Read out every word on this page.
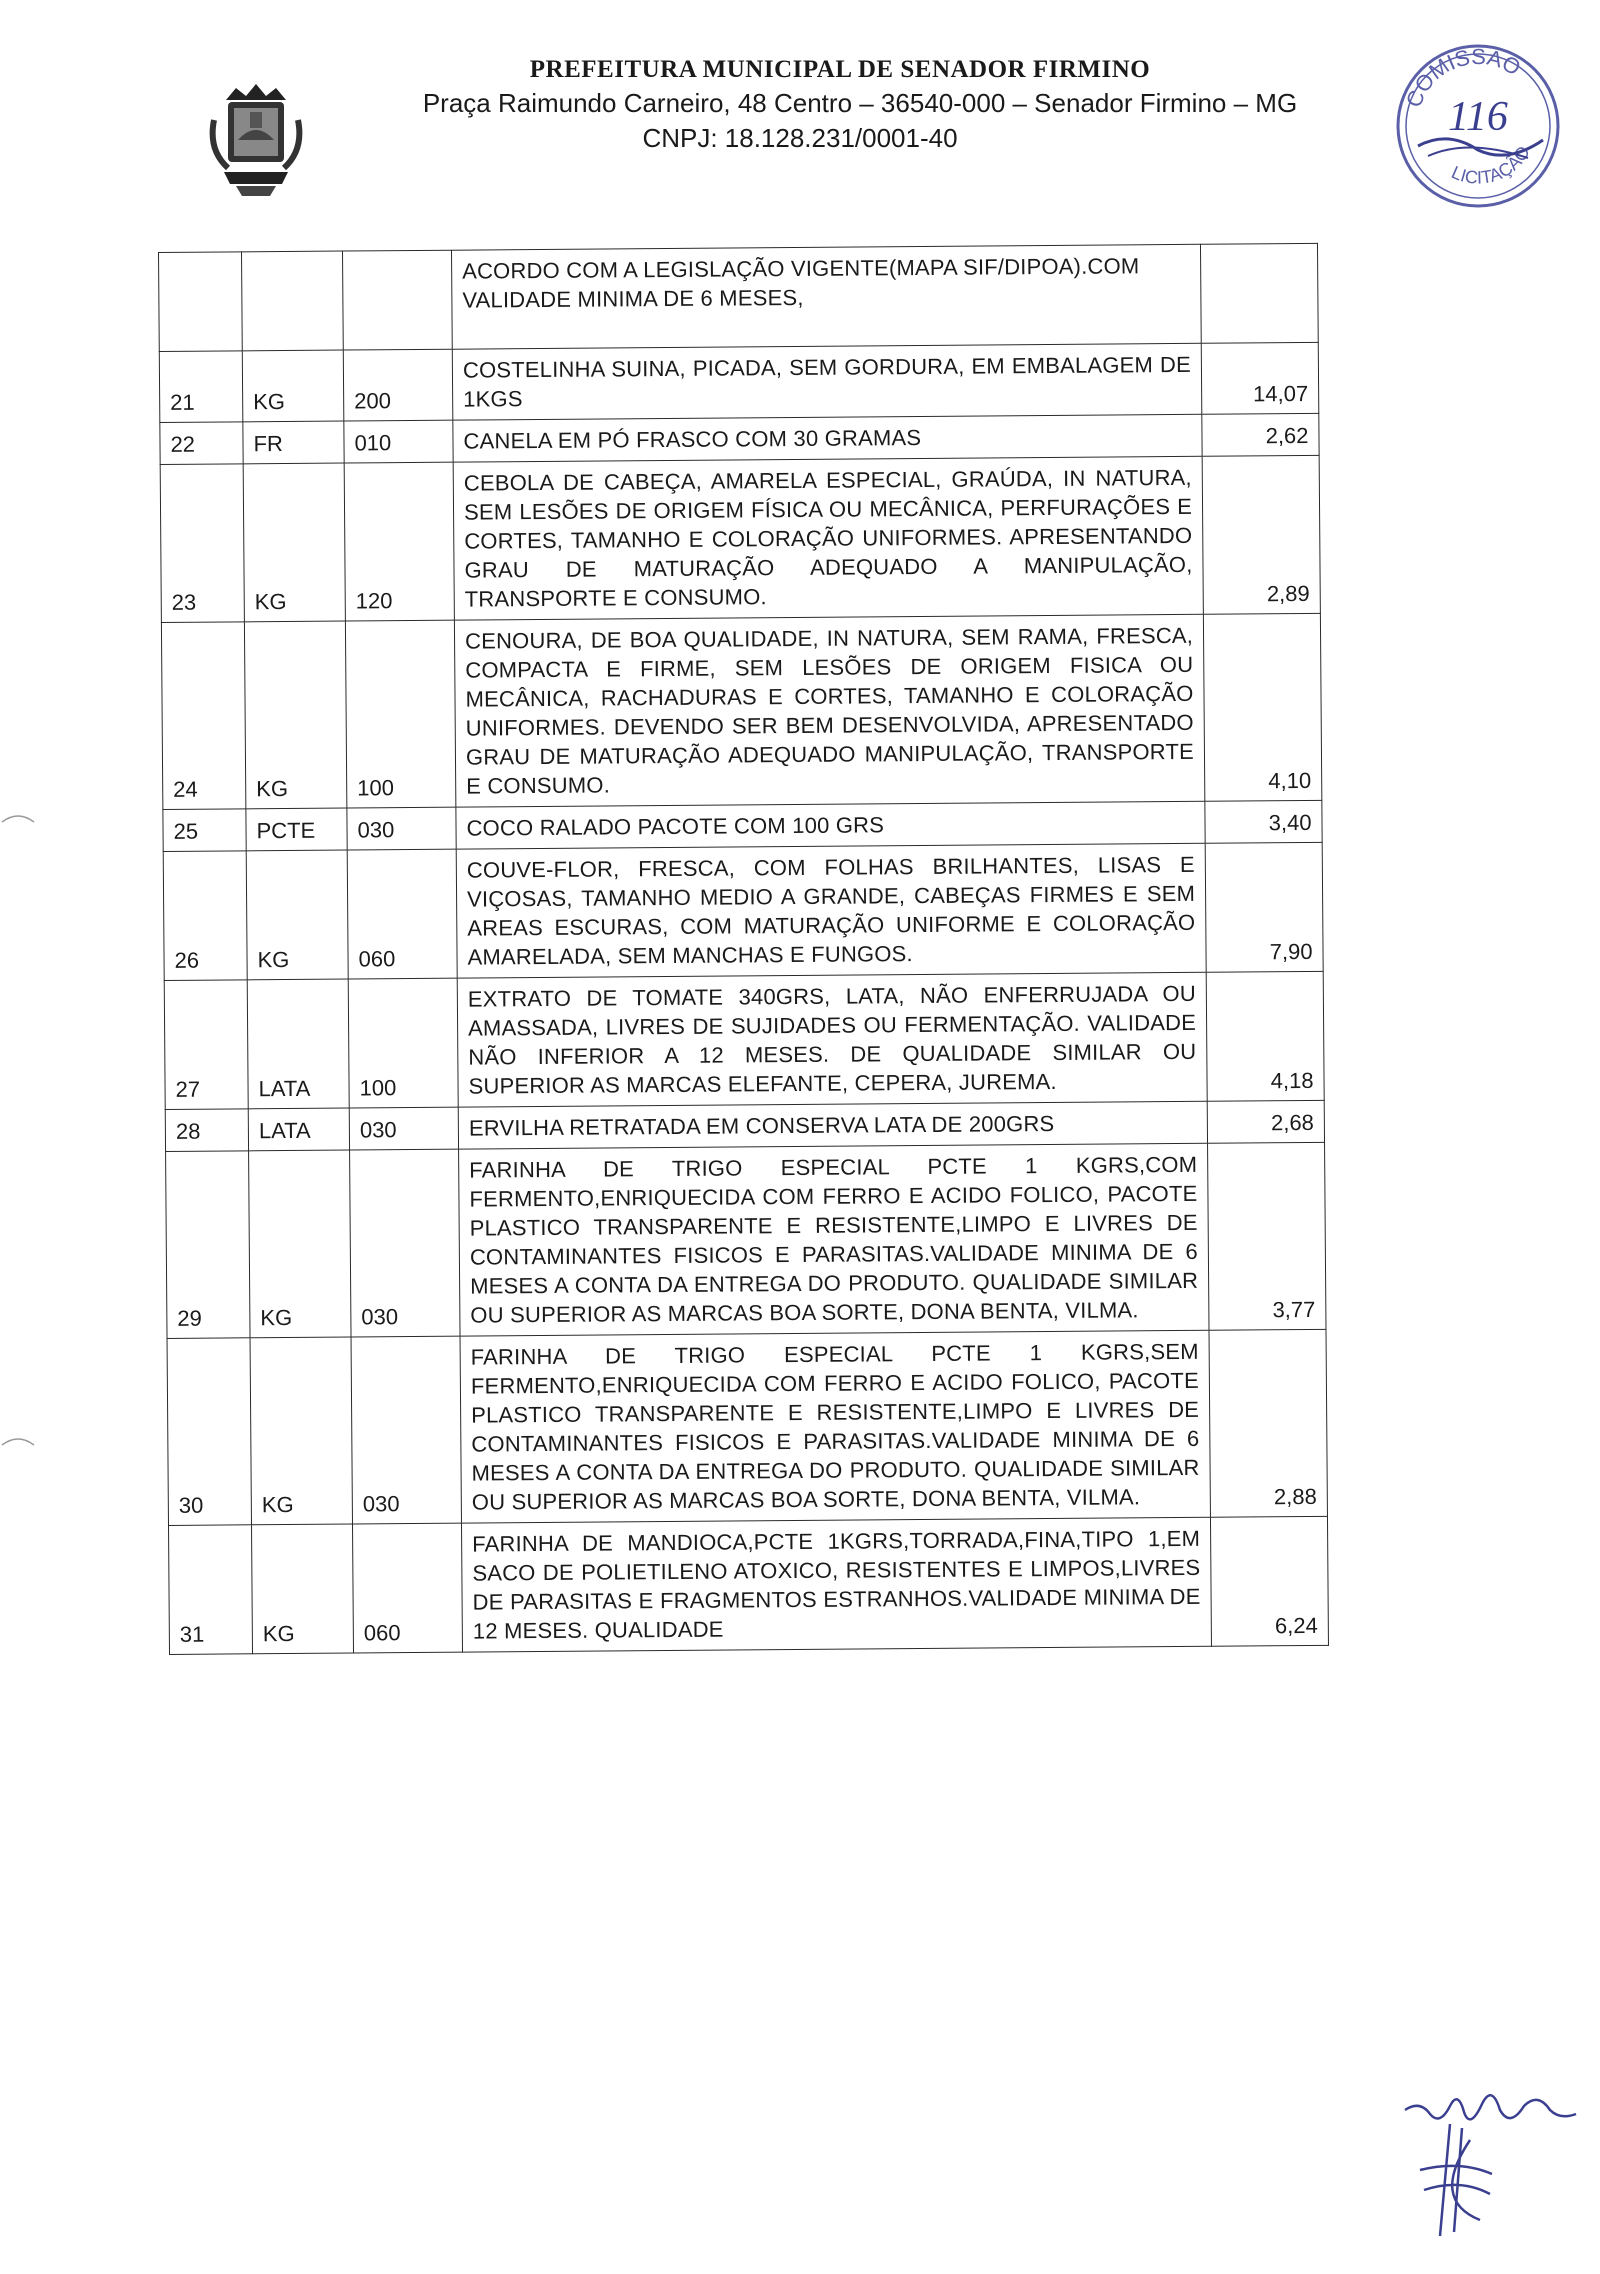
PREFEITURA MUNICIPAL DE SENADOR FIRMINO
Praça Raimundo Carneiro, 48 Centro – 36540-000 – Senador Firmino – MG
CNPJ: 18.128.231/0001-40
COMISSÃO
LICITAÇÃO
116

			ACORDO COM A LEGISLAÇÃO VIGENTE(MAPA SIF/DIPOA).COM
VALIDADE MINIMA DE 6 MESES,	

21	KG	200	COSTELINHA SUINA, PICADA, SEM GORDURA, EM EMBALAGEM DE 1KGS	14,07
22	FR	010	CANELA EM PÓ FRASCO COM 30 GRAMAS	2,62
23	KG	120	CEBOLA DE CABEÇA, AMARELA ESPECIAL, GRAÚDA, IN NATURA, SEM LESÕES DE ORIGEM FÍSICA OU MECÂNICA, PERFURAÇÕES E CORTES, TAMANHO E COLORAÇÃO UNIFORMES. APRESENTANDO GRAU DE MATURAÇÃO ADEQUADO A MANIPULAÇÃO, TRANSPORTE E CONSUMO.	2,89
24	KG	100	CENOURA, DE BOA QUALIDADE, IN NATURA, SEM RAMA, FRESCA, COMPACTA E FIRME, SEM LESÕES DE ORIGEM FISICA OU MECÂNICA, RACHADURAS E CORTES, TAMANHO E COLORAÇÃO UNIFORMES. DEVENDO SER BEM DESENVOLVIDA, APRESENTADO GRAU DE MATURAÇÃO ADEQUADO MANIPULAÇÃO, TRANSPORTE E CONSUMO.	4,10
25	PCTE	030	COCO RALADO PACOTE COM 100 GRS	3,40
26	KG	060	COUVE-FLOR, FRESCA, COM FOLHAS BRILHANTES, LISAS E VIÇOSAS, TAMANHO MEDIO A GRANDE, CABEÇAS FIRMES E SEM AREAS ESCURAS, COM MATURAÇÃO UNIFORME E COLORAÇÃO AMARELADA, SEM MANCHAS E FUNGOS.	7,90
27	LATA	100	EXTRATO DE TOMATE 340GRS, LATA, NÃO ENFERRUJADA OU AMASSADA, LIVRES DE SUJIDADES OU FERMENTAÇÃO. VALIDADE NÃO INFERIOR A 12 MESES. DE QUALIDADE SIMILAR OU SUPERIOR AS MARCAS ELEFANTE, CEPERA, JUREMA.	4,18
28	LATA	030	ERVILHA RETRATADA EM CONSERVA LATA DE 200GRS	2,68
29	KG	030	FARINHA DE TRIGO ESPECIAL PCTE 1 KGRS,COM FERMENTO,ENRIQUECIDA COM FERRO E ACIDO FOLICO, PACOTE PLASTICO TRANSPARENTE E RESISTENTE,LIMPO E LIVRES DE CONTAMINANTES FISICOS E PARASITAS.VALIDADE MINIMA DE 6 MESES A CONTA DA ENTREGA DO PRODUTO. QUALIDADE SIMILAR OU SUPERIOR AS MARCAS BOA SORTE, DONA BENTA, VILMA.	3,77
30	KG	030	FARINHA DE TRIGO ESPECIAL PCTE 1 KGRS,SEM FERMENTO,ENRIQUECIDA COM FERRO E ACIDO FOLICO, PACOTE PLASTICO TRANSPARENTE E RESISTENTE,LIMPO E LIVRES DE CONTAMINANTES FISICOS E PARASITAS.VALIDADE MINIMA DE 6 MESES A CONTA DA ENTREGA DO PRODUTO. QUALIDADE SIMILAR OU SUPERIOR AS MARCAS BOA SORTE, DONA BENTA, VILMA.	2,88
31	KG	060	FARINHA DE MANDIOCA,PCTE 1KGRS,TORRADA,FINA,TIPO 1,EM SACO DE POLIETILENO ATOXICO, RESISTENTES E LIMPOS,LIVRES DE PARASITAS E FRAGMENTOS ESTRANHOS.VALIDADE MINIMA DE 12 MESES. QUALIDADE	6,24
